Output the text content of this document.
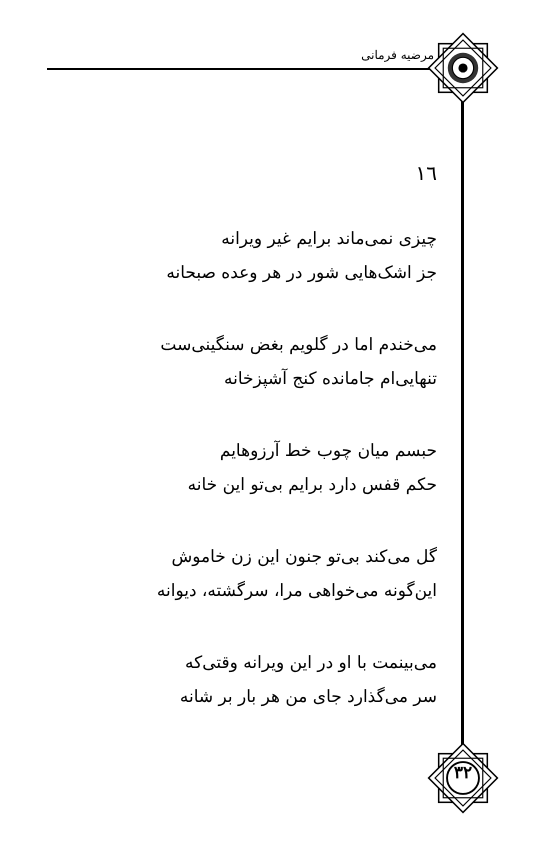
مرضیه فرمانی
٣٢
١٦
چیزی نمی‌ماند برایم غیر ویرانه
جز اشک‌هایی شور در هر وعده صبحانه
می‌خندم اما در گلویم بغض سنگینی‌ست
تنهایی‌ام جامانده کنج آشپزخانه
حبسم میان چوب خط آرزوهایم
حکم قفس دارد برایم بی‌تو این خانه
گل می‌کند بی‌تو جنون این زن خاموش
این‌گونه می‌خواهی مرا، سرگشته، دیوانه
می‌بینمت با او در این ویرانه وقتی‌که
سر می‌گذارد جای من هر بار بر شانه
